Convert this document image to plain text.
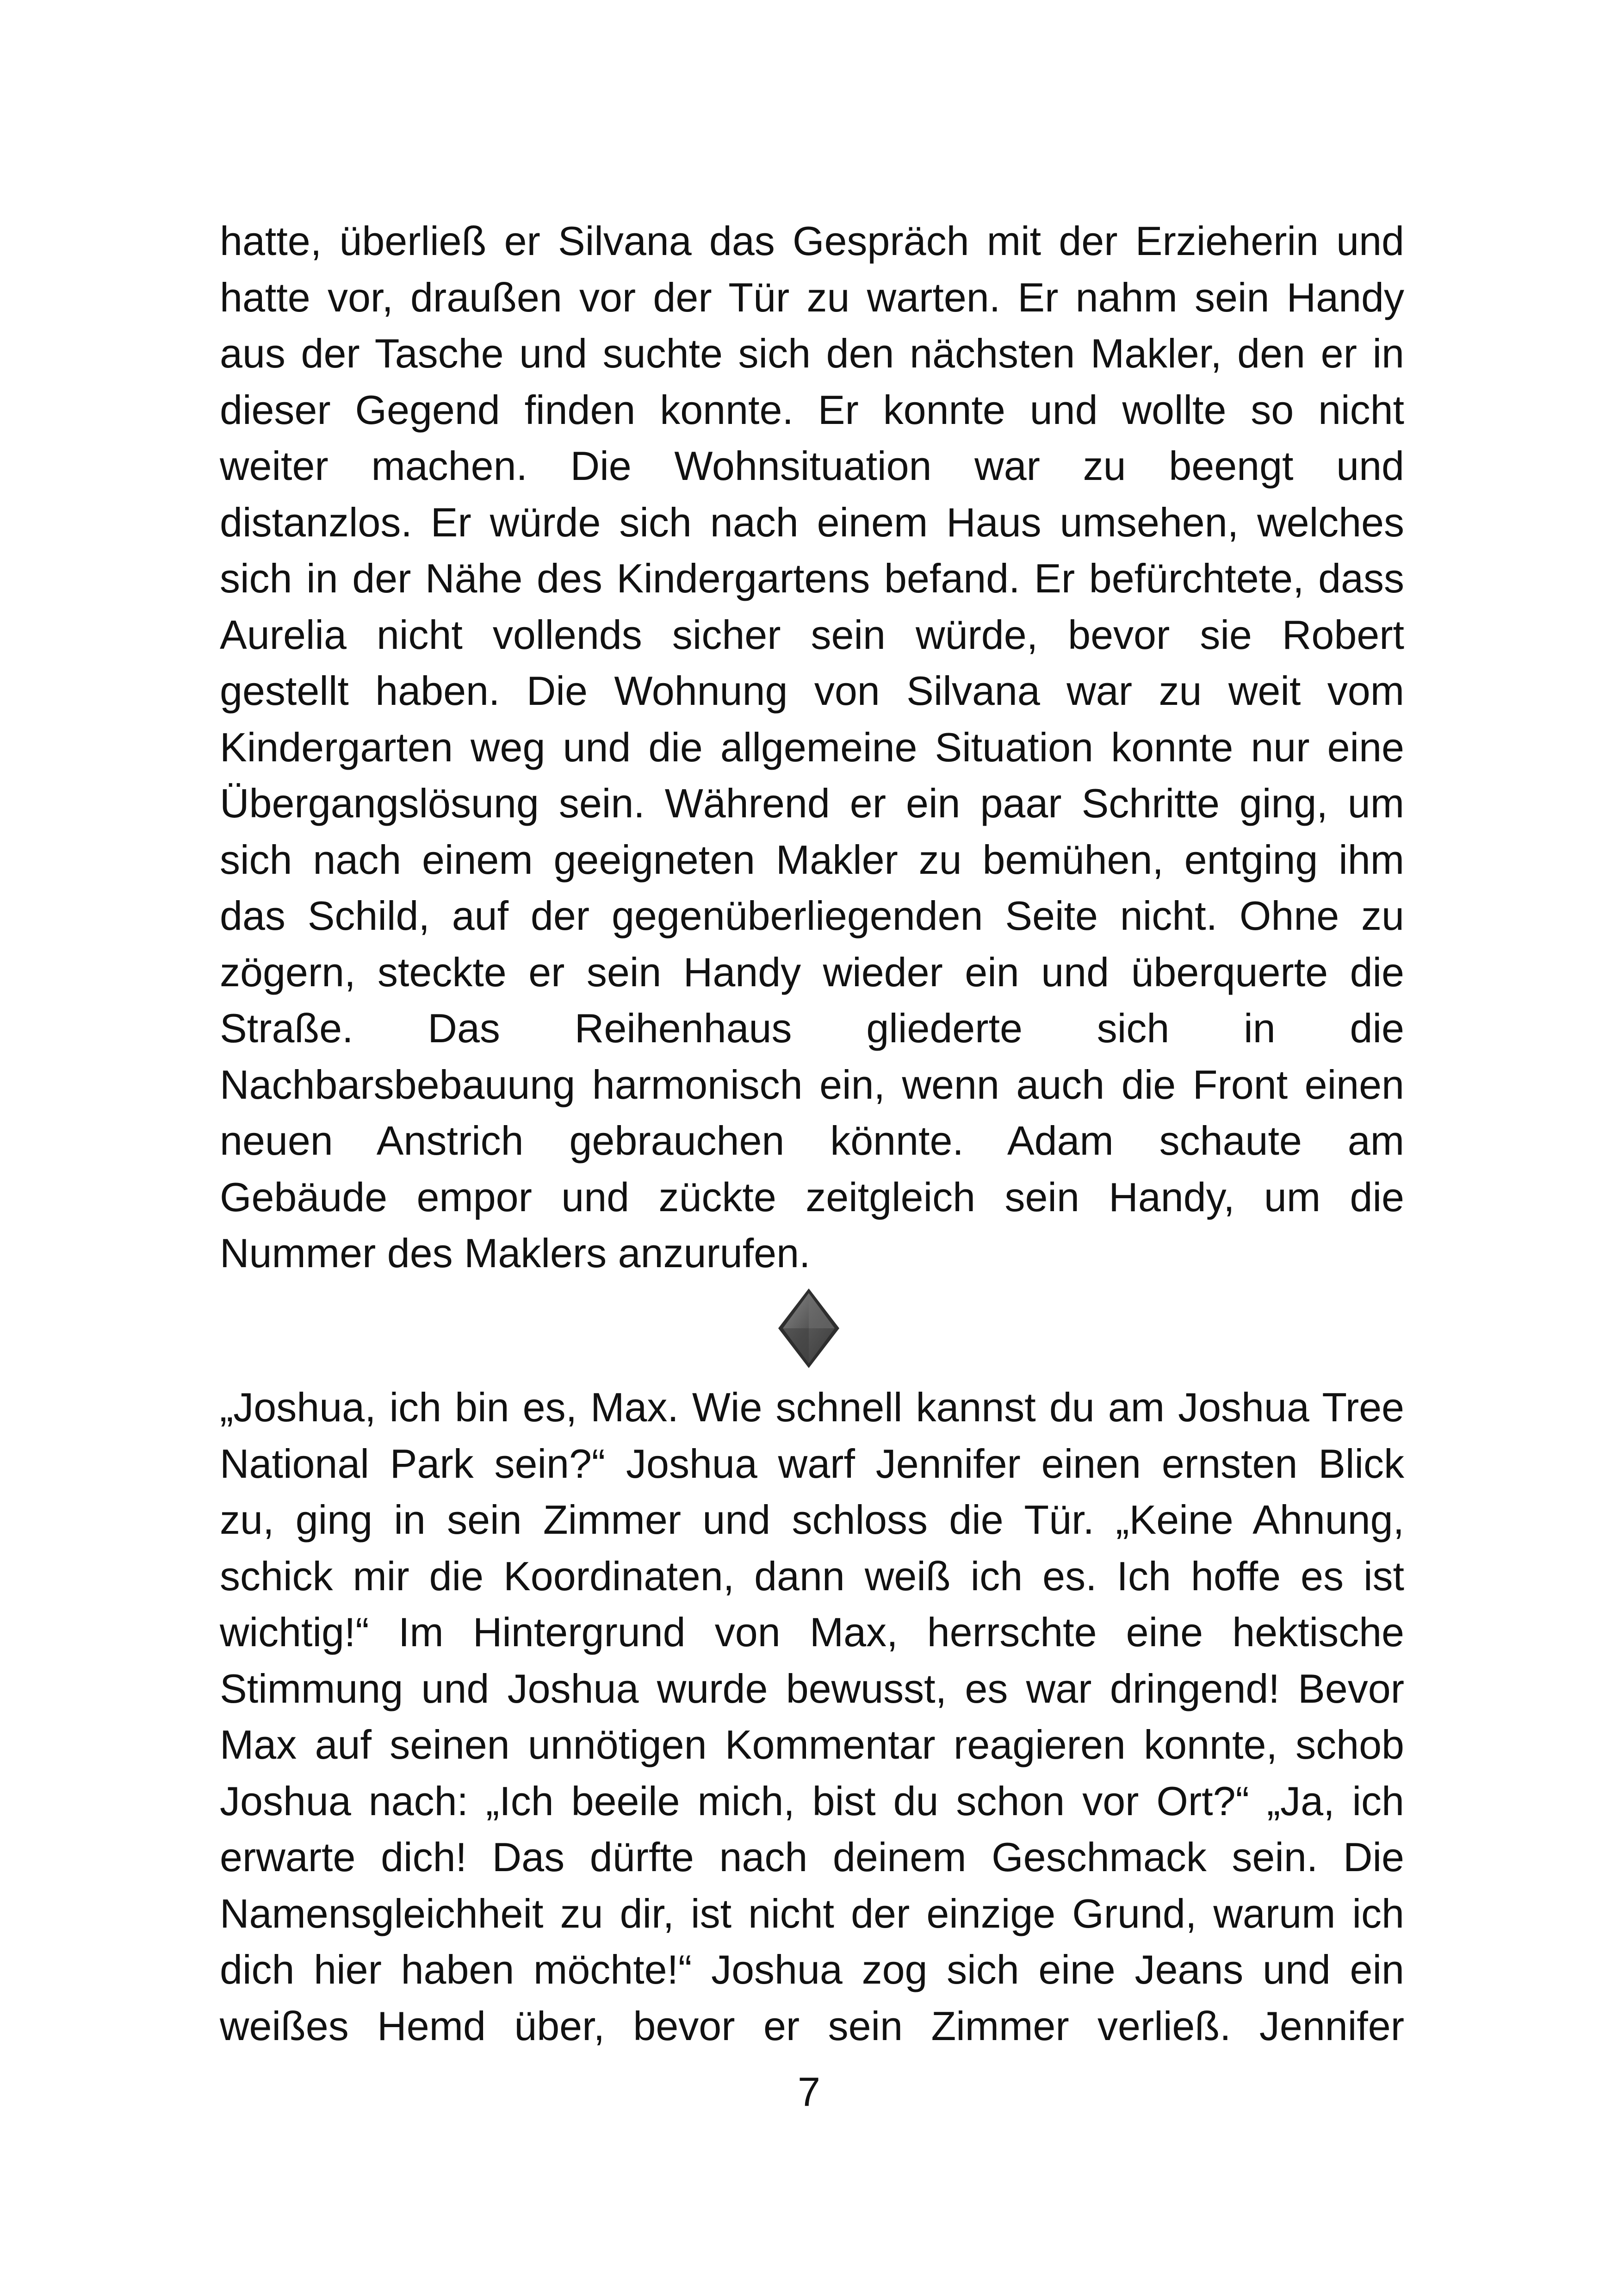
hatte, überließ er Silvana das Gespräch mit der Erzieherin und
hatte vor, draußen vor der Tür zu warten. Er nahm sein Handy
aus der Tasche und suchte sich den nächsten Makler, den er in
dieser Gegend finden konnte. Er konnte und wollte so nicht
weiter machen. Die Wohnsituation war zu beengt und
distanzlos. Er würde sich nach einem Haus umsehen, welches
sich in der Nähe des Kindergartens befand. Er befürchtete, dass
Aurelia nicht vollends sicher sein würde, bevor sie Robert
gestellt haben. Die Wohnung von Silvana war zu weit vom
Kindergarten weg und die allgemeine Situation konnte nur eine
Übergangslösung sein. Während er ein paar Schritte ging, um
sich nach einem geeigneten Makler zu bemühen, entging ihm
das Schild, auf der gegenüberliegenden Seite nicht. Ohne zu
zögern, steckte er sein Handy wieder ein und überquerte die
Straße. Das Reihenhaus gliederte sich in die
Nachbarsbebauung harmonisch ein, wenn auch die Front einen
neuen Anstrich gebrauchen könnte. Adam schaute am
Gebäude empor und zückte zeitgleich sein Handy, um die
Nummer des Maklers anzurufen.
„Joshua, ich bin es, Max. Wie schnell kannst du am Joshua Tree
National Park sein?“ Joshua warf Jennifer einen ernsten Blick
zu, ging in sein Zimmer und schloss die Tür. „Keine Ahnung,
schick mir die Koordinaten, dann weiß ich es. Ich hoffe es ist
wichtig!“ Im Hintergrund von Max, herrschte eine hektische
Stimmung und Joshua wurde bewusst, es war dringend! Bevor
Max auf seinen unnötigen Kommentar reagieren konnte, schob
Joshua nach: „Ich beeile mich, bist du schon vor Ort?“ „Ja, ich
erwarte dich! Das dürfte nach deinem Geschmack sein. Die
Namensgleichheit zu dir, ist nicht der einzige Grund, warum ich
dich hier haben möchte!“ Joshua zog sich eine Jeans und ein
weißes Hemd über, bevor er sein Zimmer verließ. Jennifer
7
